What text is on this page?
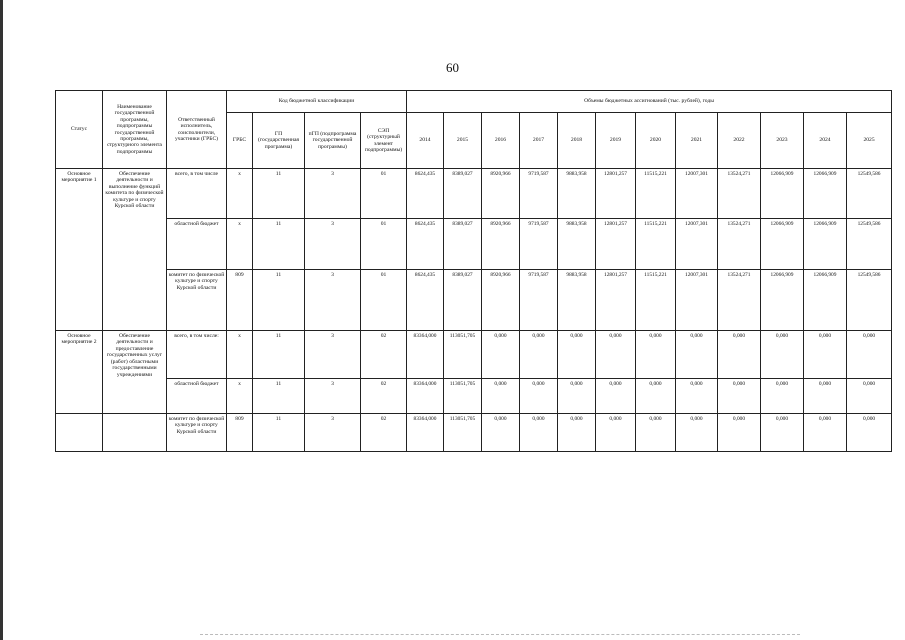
60
Статус	Наименование государственной программы, подпрограммы государственной программы, структурного элемента подпрограммы	Ответственный исполнитель, соисполнители, участники (ГРБС)	Код бюджетной классификации				Объемы бюджетных ассигнований (тыс. рублей), годы											
			ГРБС	ГП (государственная программа)	пГП (подпрограмма государственной программы)	СЭП (структурный элемент подпрограммы)	2014	2015	2016	2017	2018	2019	2020	2021	2022	2023	2024	2025
Основное мероприятие 1	Обеспечение деятельности и выполнение функций комитета по физической культуре и спорту Курской области	всего, в том числе	х	11	3	01	8624,435	8389,027	8920,966	9719,587	9883,958	12801,257	11515,221	12007,301	13524,271	12066,909	12066,909	12549,586
		областной бюджет	х	11	3	01	8624,435	8389,027	8920,966	9719,587	9883,958	12801,257	11515,221	12007,301	13524,271	12066,909	12066,909	12549,586
		комитет по физической культуре и спорту Курской области	809	11	3	01	8624,435	8389,027	8920,966	9719,587	9883,958	12801,257	11515,221	12007,301	13524,271	12066,909	12066,909	12549,586
Основное мероприятие 2	Обеспечение деятельности и предоставление государственных услуг (работ) областными государственными учреждениями	всего, в том числе:	х	11	3	02	83364,000	113051,705	0,000	0,000	0,000	0,000	0,000	0,000	0,000	0,000	0,000	0,000
		областной бюджет	х	11	3	02	83364,000	113051,705	0,000	0,000	0,000	0,000	0,000	0,000	0,000	0,000	0,000	0,000
		комитет по физической культуре и спорту Курской области	809	11	3	02	83364,000	113051,705	0,000	0,000	0,000	0,000	0,000	0,000	0,000	0,000	0,000	0,000
